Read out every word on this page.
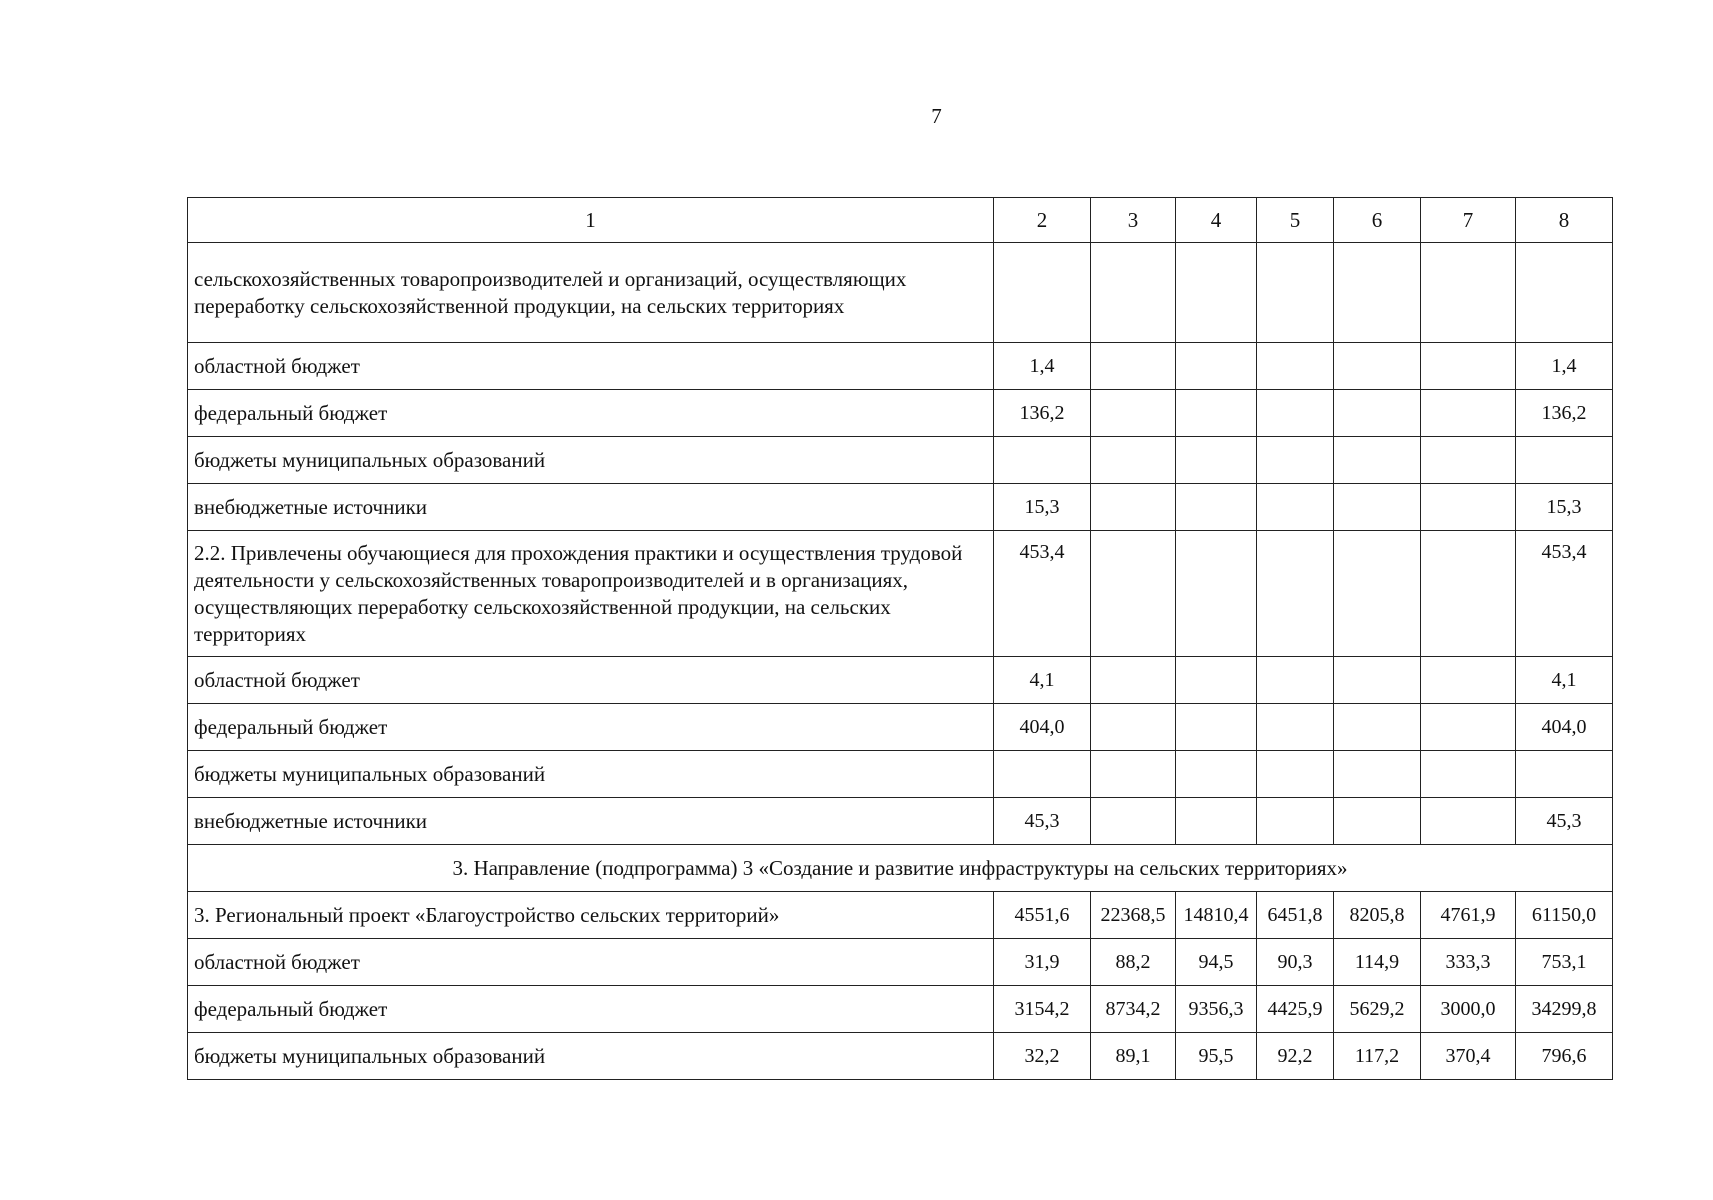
7
1	2	3	4	5	6	7	8
сельскохозяйственных товаропроизводителей и организаций, осуществляющих переработку сельскохозяйственной продукции, на сельских территориях							
областной бюджет	1,4						1,4
федеральный бюджет	136,2						136,2
бюджеты муниципальных образований							
внебюджетные источники	15,3						15,3
2.2. Привлечены обучающиеся для прохождения практики и осуществления трудовой деятельности у сельскохозяйственных товаропроизводителей и в организациях, осуществляющих переработку сельскохозяйственной продукции, на сельских территориях	453,4						453,4
областной бюджет	4,1						4,1
федеральный бюджет	404,0						404,0
бюджеты муниципальных образований							
внебюджетные источники	45,3						45,3
3. Направление (подпрограмма) 3 «Создание и развитие инфраструктуры на сельских территориях»							
3. Региональный проект «Благоустройство сельских территорий»	4551,6	22368,5	14810,4	6451,8	8205,8	4761,9	61150,0
областной бюджет	31,9	88,2	94,5	90,3	114,9	333,3	753,1
федеральный бюджет	3154,2	8734,2	9356,3	4425,9	5629,2	3000,0	34299,8
бюджеты муниципальных образований	32,2	89,1	95,5	92,2	117,2	370,4	796,6
